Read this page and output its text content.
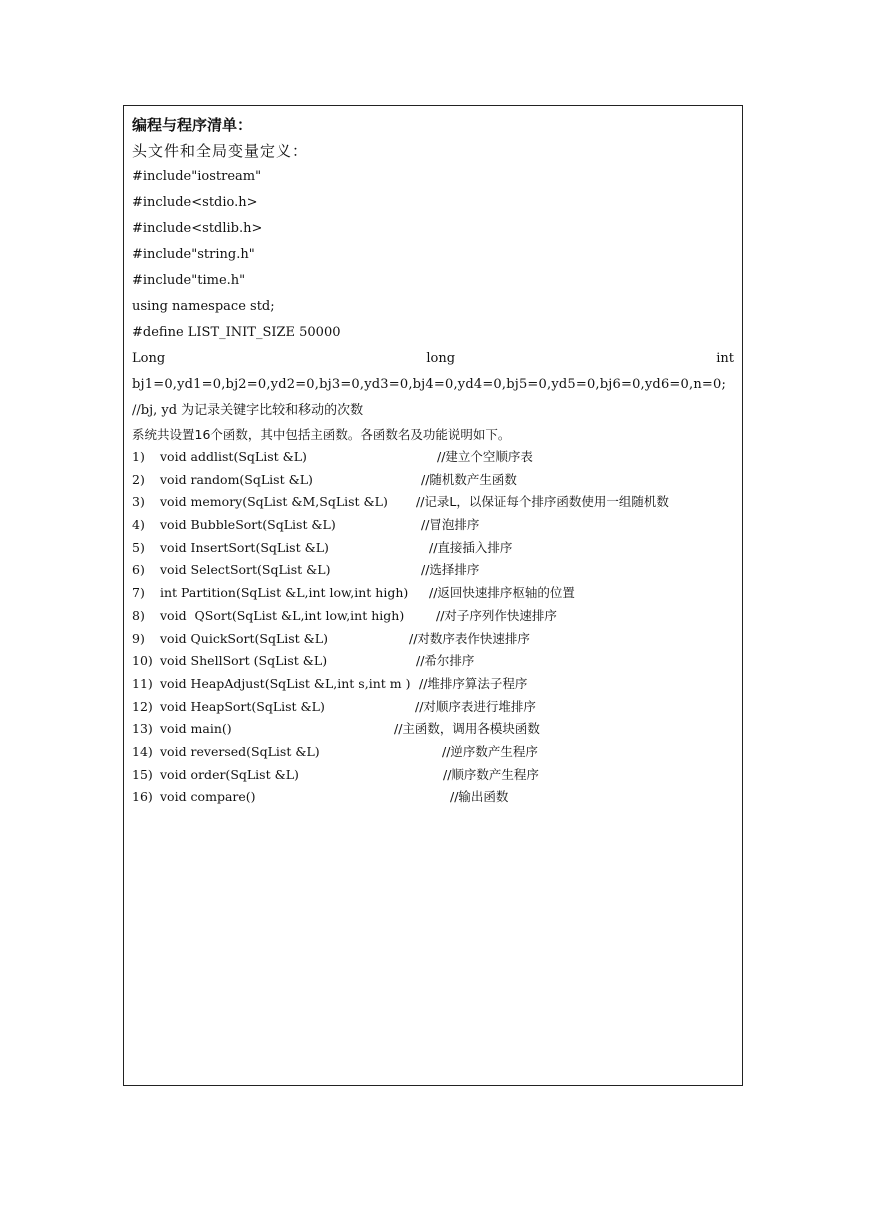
编程与程序清单：
头文件和全局变量定义：
#include"iostream"
#include<stdio.h>
#include<stdlib.h>
#include"string.h"
#include"time.h"
using namespace std;
#define LIST_INIT_SIZE 50000
Long	long	int
bj1=0,yd1=0,bj2=0,yd2=0,bj3=0,yd3=0,bj4=0,yd4=0,bj5=0,yd5=0,bj6=0,yd6=0,n=0;
//bj, yd 为记录关键字比较和移动的次数
系统共设置16个函数，其中包括主函数。各函数名及功能说明如下。
1) void addlist(SqList &L)	//建立个空顺序表
2) void random(SqList &L)	//随机数产生函数
3) void memory(SqList &M,SqList &L) //记录L，以保证每个排序函数使用一组随机数
4) void BubbleSort(SqList &L)	//冒泡排序
5) void InsertSort(SqList &L)	//直接插入排序
6) void SelectSort(SqList &L)	//选择排序
7) int Partition(SqList &L,int low,int high) //返回快速排序枢轴的位置
8) void  QSort(SqList &L,int low,int high)	//对子序列作快速排序
9) void QuickSort(SqList &L)	//对数序表作快速排序
10) void ShellSort (SqList &L)	//希尔排序
11) void HeapAdjust(SqList &L,int s,int m ) //堆排序算法子程序
12) void HeapSort(SqList &L)	//对顺序表进行堆排序
13) void main()	//主函数，调用各模块函数
14) void reversed(SqList &L)	//逆序数产生程序
15) void order(SqList &L)	//顺序数产生程序
16) void compare()	//输出函数
